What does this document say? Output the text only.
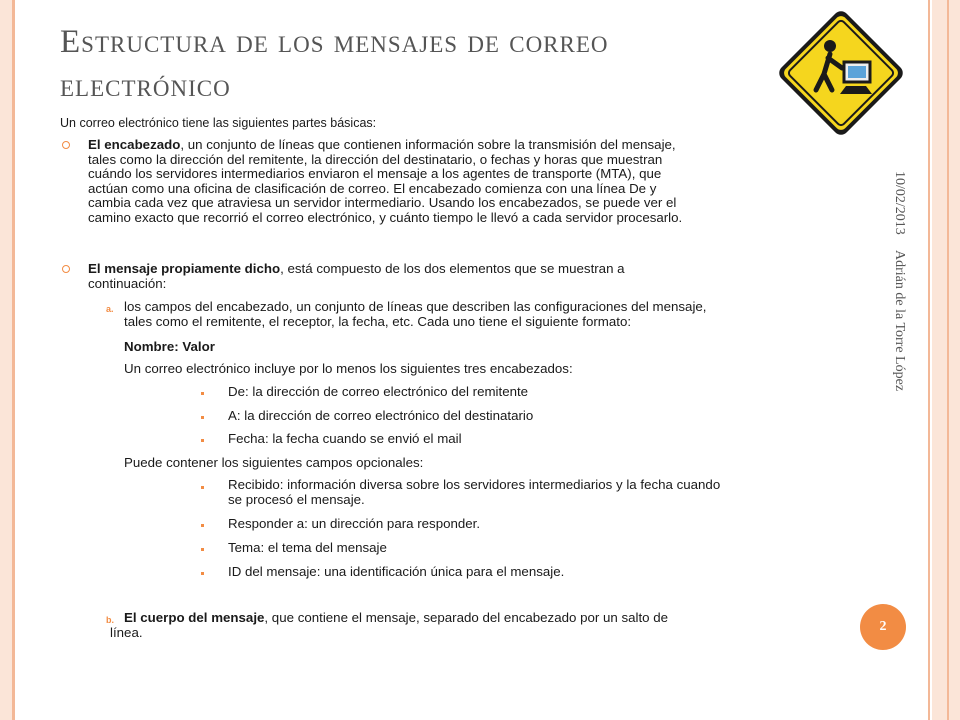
Estructura de los mensajes de correo
electrónico
10/02/2013
Adrián de la Torre López
2
Un correo electrónico tiene las siguientes partes básicas:
El encabezado, un conjunto de líneas que contienen información sobre la transmisión del mensaje,
tales como la dirección del remitente, la dirección del destinatario, o fechas y horas que muestran
cuándo los servidores intermediarios enviaron el mensaje a los agentes de transporte (MTA), que
actúan como una oficina de clasificación de correo. El encabezado comienza con una línea De y
cambia cada vez que atraviesa un servidor intermediario. Usando los encabezados, se puede ver el
camino exacto que recorrió el correo electrónico, y cuánto tiempo le llevó a cada servidor procesarlo.
El mensaje propiamente dicho, está compuesto de los dos elementos que se muestran a
continuación:
a. los campos del encabezado, un conjunto de líneas que describen las configuraciones del mensaje,
tales como el remitente, el receptor, la fecha, etc. Cada uno tiene el siguiente formato:
Nombre: Valor
Un correo electrónico incluye por lo menos los siguientes tres encabezados:
De: la dirección de correo electrónico del remitente
A: la dirección de correo electrónico del destinatario
Fecha: la fecha cuando se envió el mail
Puede contener los siguientes campos opcionales:
Recibido: información diversa sobre los servidores intermediarios y la fecha cuando
se procesó el mensaje.
Responder a: un dirección para responder.
Tema: el tema del mensaje
ID del mensaje: una identificación única para el mensaje.
b. El cuerpo del mensaje, que contiene el mensaje, separado del encabezado por un salto de
línea.
